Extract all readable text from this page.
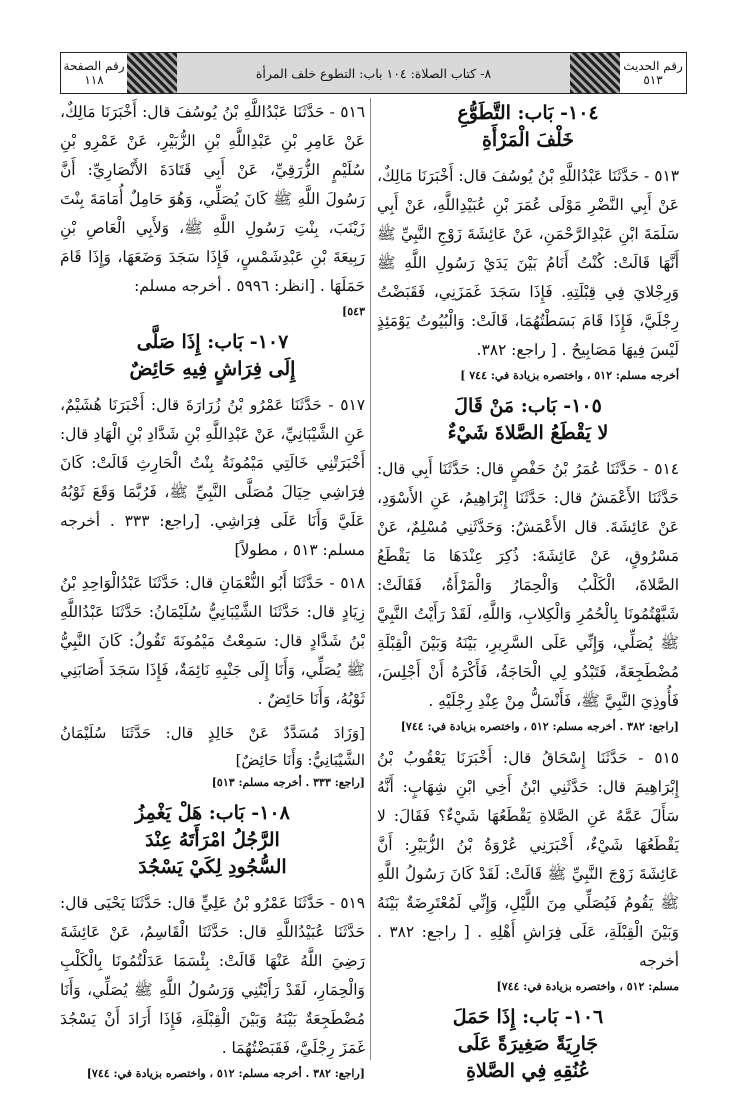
رقم الحديث
٥١٣
٨- كتاب الصلاة: ١٠٤ باب: التطوع خلف المرأة
رقم الصفحة
١١٨
١٠٤- بَاب: التَّطَوُّعِ
خَلْفَ الْمَرْأَةِ

٥١٣ - حَدَّثَنَا عَبْدُاللَّهِ بْنُ يُوسُفَ قال: أَخْبَرَنَا مَالِكٌ، عَنْ أَبِي النَّضْرِ مَوْلَى عُمَرَ بْنِ عُبَيْدِاللَّهِ، عَنْ أَبِي سَلَمَةَ ابْنِ عَبْدِالرَّحْمَنِ، عَنْ عَائِشَةَ زَوْجِ النَّبِيِّ ﷺ أَنَّهَا قَالَتْ: كُنْتُ أَنَامُ بَيْنَ يَدَيْ رَسُولِ اللَّهِ ﷺ وَرِجْلايَ فِي قِبْلَتِهِ. فَإِذَا سَجَدَ غَمَزَنِي، فَقَبَضْتُ رِجْلَيَّ، فَإِذَا قَامَ بَسَطْتُهُمَا، قَالَتْ: وَالْبُيُوتُ يَوْمَئِذٍ لَيْسَ فِيهَا مَصَابِيحُ . [ راجع: ٣٨٢.

أخرجه مسلم: ٥١٢ ، واختصره بزيادة في: ٧٤٤ ]
١٠٥- بَاب: مَنْ قَالَ
لا يَقْطَعُ الصَّلاةَ شَيْءٌ

٥١٤ - حَدَّثَنَا عُمَرُ بْنُ حَفْصٍ قال: حَدَّثَنَا أَبِي قال: حَدَّثَنَا الأَعْمَشُ قال: حَدَّثَنَا إِبْرَاهِيمُ، عَنِ الأَسْوَدِ، عَنْ عَائِشَةَ. قال الأَعْمَشُ: وَحَدَّثَنِي مُسْلِمٌ، عَنْ مَسْرُوقٍ، عَنْ عَائِشَةَ: ذُكِرَ عِنْدَهَا مَا يَقْطَعُ الصَّلاةَ، الْكَلْبُ وَالْحِمَارُ وَالْمَرْأَةُ، فَقَالَتْ: شَبَّهْتُمُونَا بِالْحُمُرِ وَالْكِلابِ، وَاللَّهِ، لَقَدْ رَأَيْتُ النَّبِيَّ ﷺ يُصَلِّي، وَإِنِّي عَلَى السَّرِيرِ، بَيْنَهُ وَبَيْنَ الْقِبْلَةِ مُضْطَجِعَةً، فَتَبْدُو لِي الْحَاجَةُ، فَأَكْرَهُ أَنْ أَجْلِسَ، فَأُوذِيَ النَّبِيَّ ﷺ، فَأَنْسَلُّ مِنْ عِنْدِ رِجْلَيْهِ .

[راجع: ٣٨٢ . أخرجه مسلم: ٥١٢ ، واختصره بزيادة في: ٧٤٤]

٥١٥ - حَدَّثَنَا إِسْحَاقُ قال: أَخْبَرَنَا يَعْقُوبُ بْنُ إِبْرَاهِيمَ قال: حَدَّثَنِي ابْنُ أَخِي ابْنِ شِهَابٍ: أَنَّهُ سَأَلَ عَمَّهُ عَنِ الصَّلاةِ يَقْطَعُهَا شَيْءٌ؟ فَقَالَ: لا يَقْطَعُهَا شَيْءٌ، أَخْبَرَنِي عُرْوَةُ بْنُ الزُّبَيْرِ: أَنَّ عَائِشَةَ زَوْجَ النَّبِيِّ ﷺ قَالَتْ: لَقَدْ كَانَ رَسُولُ اللَّهِ ﷺ يَقُومُ فَيُصَلِّي مِنَ اللَّيْلِ، وَإِنِّي لَمُعْتَرِضَةٌ بَيْنَهُ وَبَيْنَ الْقِبْلَةِ، عَلَى فِرَاشِ أَهْلِهِ . [ راجع: ٣٨٢ . أخرجه

مسلم: ٥١٢ ، واختصره بزيادة في: ٧٤٤]
١٠٦- بَاب: إِذَا حَمَلَ
جَارِيَةً صَغِيرَةً عَلَى
عُنُقِهِ فِي الصَّلاةِ

٥١٦ - حَدَّثَنَا عَبْدُاللَّهِ بْنُ يُوسُفَ قال: أَخْبَرَنَا مَالِكٌ، عَنْ عَامِرِ بْنِ عَبْدِاللَّهِ بْنِ الزُّبَيْرِ، عَنْ عَمْرِو بْنِ سُلَيْمٍ الزُّرَقِيِّ، عَنْ أَبِي قَتَادَةَ الأَنْصَارِيِّ: أَنَّ رَسُولَ اللَّهِ ﷺ كَانَ يُصَلِّي، وَهُوَ حَامِلٌ أُمَامَةَ بِنْتَ زَيْنَبَ، بِنْتِ رَسُولِ اللَّهِ ﷺ، وَلأَبِي الْعَاصِ بْنِ رَبِيعَةَ بْنِ عَبْدِشَمْسٍ، فَإِذَا سَجَدَ وَضَعَهَا، وَإِذَا قَامَ حَمَلَهَا . [انظر: ٥٩٩٦ . أخرجه مسلم:

٥٤٣]
١٠٧- بَاب: إِذَا صَلَّى
إِلَى فِرَاشٍ فِيهِ حَائِضٌ

٥١٧ - حَدَّثَنَا عَمْرُو بْنُ زُرَارَةَ قال: أَخْبَرَنَا هُشَيْمٌ، عَنِ الشَّيْبَانِيِّ، عَنْ عَبْدِاللَّهِ بْنِ شَدَّادِ بْنِ الْهَادِ قال: أَخْبَرَتْنِي خَالَتِي مَيْمُونَةُ بِنْتُ الْحَارِثِ قَالَتْ: كَانَ فِرَاشِي حِيَالَ مُصَلَّى النَّبِيِّ ﷺ، فَرُبَّمَا وَقَعَ ثَوْبُهُ عَلَيَّ وَأَنَا عَلَى فِرَاشِي. [راجع: ٣٣٣ . أخرجه مسلم: ٥١٣ ، مطولاً]

٥١٨ - حَدَّثَنَا أَبُو النُّعْمَانِ قال: حَدَّثَنَا عَبْدُالْوَاحِدِ بْنُ زِيَادٍ قال: حَدَّثَنَا الشَّيْبَانِيُّ سُلَيْمَانُ: حَدَّثَنَا عَبْدُاللَّهِ بْنُ شَدَّادٍ قال: سَمِعْتُ مَيْمُونَةَ تَقُولُ: كَانَ النَّبِيُّ ﷺ يُصَلِّي، وَأَنَا إِلَى جَنْبِهِ نَائِمَةٌ، فَإِذَا سَجَدَ أَصَابَنِي ثَوْبُهُ، وَأَنَا حَائِضٌ .

[وَزَادَ مُسَدَّدٌ عَنْ خَالِدٍ قال: حَدَّثَنَا سُلَيْمَانُ الشَّيْبَانِيُّ: وَأَنَا حَائِضٌ]

[راجع: ٣٣٣ . أخرجه مسلم: ٥١٣]
١٠٨- بَاب: هَلْ يَغْمِزُ
الرَّجُلُ امْرَأَتَهُ عِنْدَ
السُّجُودِ لِكَيْ يَسْجُدَ

٥١٩ - حَدَّثَنَا عَمْرُو بْنُ عَلِيٍّ قال: حَدَّثَنَا يَحْيَى قال: حَدَّثَنَا عُبَيْدُاللَّهِ قال: حَدَّثَنَا الْقَاسِمُ، عَنْ عَائِشَةَ رَضِيَ اللَّهُ عَنْهَا قَالَتْ: بِئْسَمَا عَدَلْتُمُونَا بِالْكَلْبِ وَالْحِمَارِ، لَقَدْ رَأَيْتُنِي وَرَسُولُ اللَّهِ ﷺ يُصَلِّي، وَأَنَا مُضْطَجِعَةٌ بَيْنَهُ وَبَيْنَ الْقِبْلَةِ، فَإِذَا أَرَادَ أَنْ يَسْجُدَ غَمَزَ رِجْلَيَّ، فَقَبَضْتُهُمَا .

[راجع: ٣٨٢ . أخرجه مسلم: ٥١٢ ، واختصره بزيادة في: ٧٤٤]
